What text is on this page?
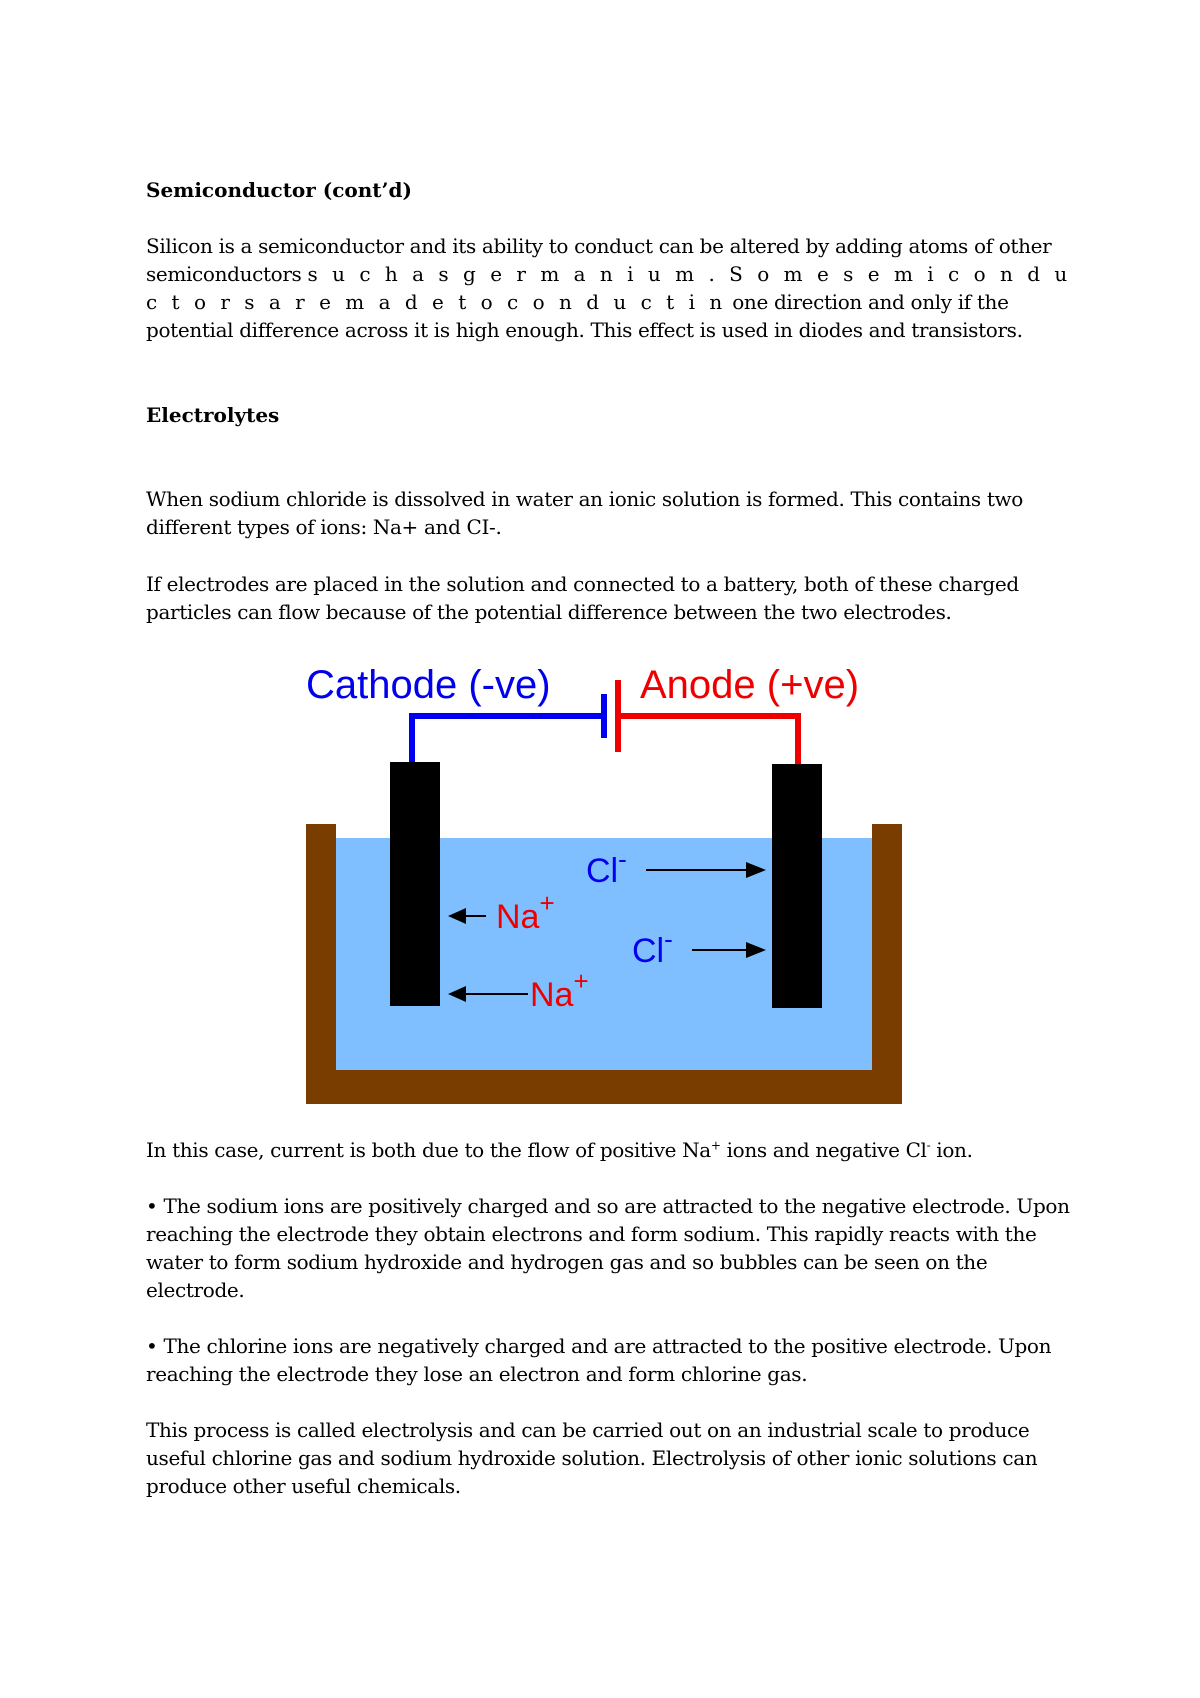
Semiconductor (cont’d)

Silicon is a semiconductor and its ability to conduct can be altered by adding atoms of other semiconductors s u c h a s g e r m a n i u m . S o m e s e m i c o n d u c t o r s a r e m a d e t o c o n d u c t i n one direction and only if the potential difference across it is high enough. This effect is used in diodes and transistors.

Electrolytes

When sodium chloride is dissolved in water an ionic solution is formed. This contains two different types of ions: Na+ and CI-.

If electrodes are placed in the solution and connected to a battery, both of these charged particles can flow because of the potential difference between the two electrodes.

In this case, current is both due to the flow of positive Na+ ions and negative Cl- ion.

• The sodium ions are positively charged and so are attracted to the negative electrode. Upon reaching the electrode they obtain electrons and form sodium. This rapidly reacts with the water to form sodium hydroxide and hydrogen gas and so bubbles can be seen on the electrode.

• The chlorine ions are negatively charged and are attracted to the positive electrode. Upon reaching the electrode they lose an electron and form chlorine gas.

This process is called electrolysis and can be carried out on an industrial scale to produce useful chlorine gas and sodium hydroxide solution. Electrolysis of other ionic solutions can produce other useful chemicals.

Cathode (-ve) Anode (+ve)
Cl-
Na+
Cl-
Na+
